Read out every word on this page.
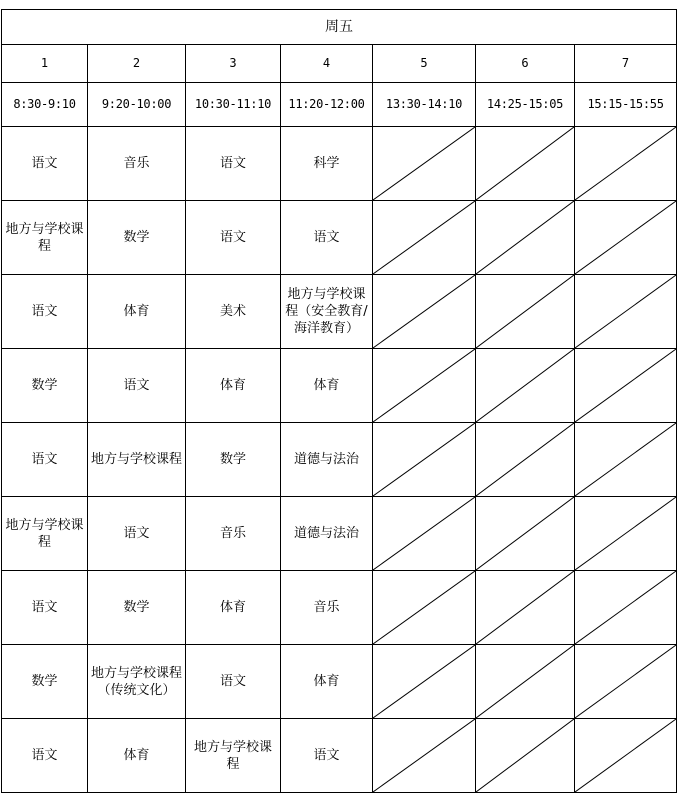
周五						
1	2	3	4	5	6	7
8:30-9:10	9:20-10:00	10:30-11:10	11:20-12:00	13:30-14:10	14:25-15:05	15:15-15:55
语文	音乐	语文	科学	

地方与学校课程	数学	语文	语文	

语文	体育	美术	地方与学校课程（安全教育/海洋教育）	

数学	语文	体育	体育	

语文	地方与学校课程	数学	道德与法治	

地方与学校课程	语文	音乐	道德与法治	

语文	数学	体育	音乐	

数学	地方与学校课程（传统文化）	语文	体育	

语文	体育	地方与学校课程	语文	
